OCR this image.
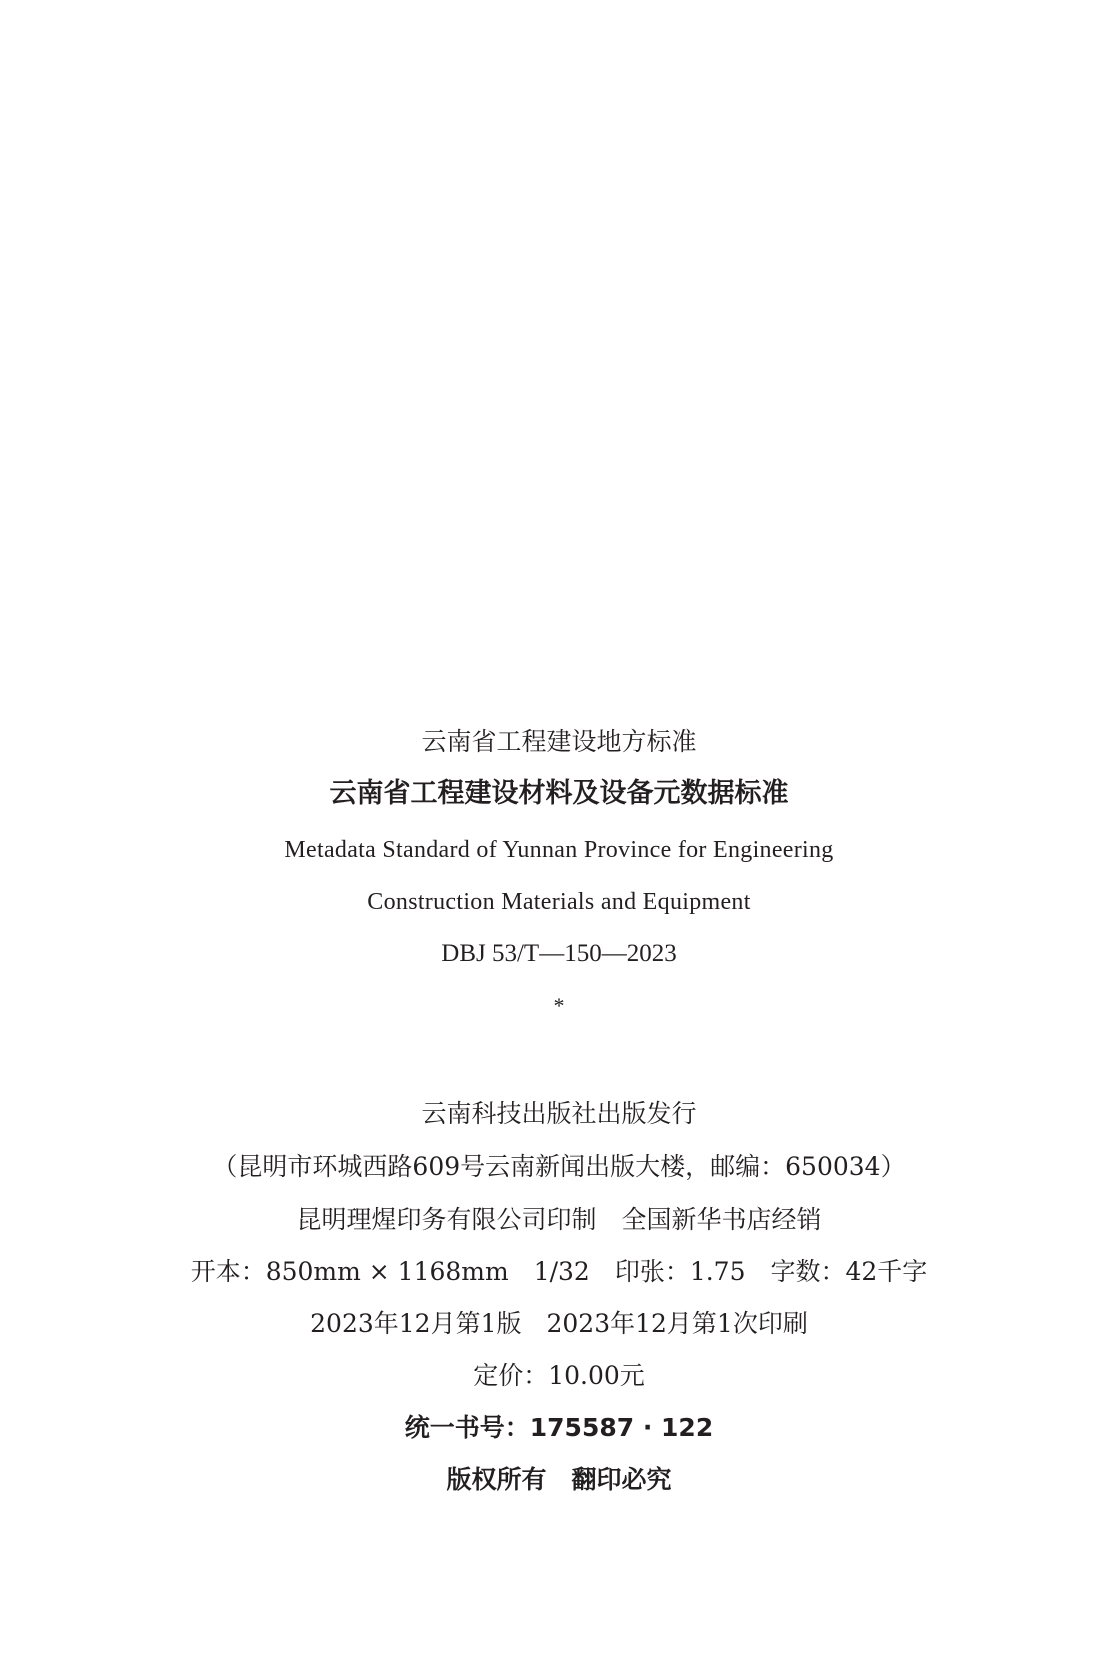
云南省工程建设地方标准
云南省工程建设材料及设备元数据标准
Metadata Standard of Yunnan Province for Engineering
Construction Materials and Equipment
DBJ 53/T—150—2023
*
云南科技出版社出版发行
（昆明市环城西路609号云南新闻出版大楼，邮编：650034）
昆明理煋印务有限公司印制　全国新华书店经销
开本：850mm × 1168mm　1/32　印张：1.75　字数：42千字
2023年12月第1版　2023年12月第1次印刷
定价：10.00元
统一书号：175587 · 122
版权所有　翻印必究
